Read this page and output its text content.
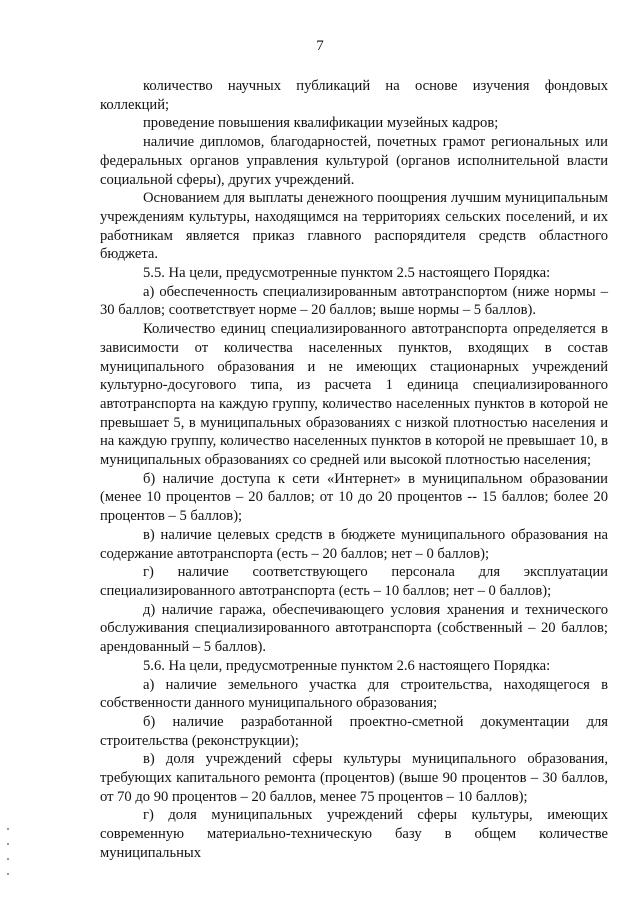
7

количество научных публикаций на основе изучения фондовых коллекций;

проведение повышения квалификации музейных кадров;

наличие дипломов, благодарностей, почетных грамот региональных или федеральных органов управления культурой (органов исполнительной власти социальной сферы), других учреждений.

Основанием для выплаты денежного поощрения лучшим муниципальным учреждениям культуры, находящимся на территориях сельских поселений, и их работникам является приказ главного распорядителя средств областного бюджета.

5.5. На цели, предусмотренные пунктом 2.5 настоящего Порядка:

а) обеспеченность специализированным автотранспортом (ниже нормы – 30 баллов; соответствует норме – 20 баллов; выше нормы – 5 баллов).

Количество единиц специализированного автотранспорта определяется в зависимости от количества населенных пунктов, входящих в состав муниципального образования и не имеющих стационарных учреждений культурно-досугового типа, из расчета 1 единица специализированного автотранспорта на каждую группу, количество населенных пунктов в которой не превышает 5, в муниципальных образованиях с низкой плотностью населения и на каждую группу, количество населенных пунктов в которой не превышает 10, в муниципальных образованиях со средней или высокой плотностью населения;

б) наличие доступа к сети «Интернет» в муниципальном образовании (менее 10 процентов – 20 баллов; от 10 до 20 процентов -- 15 баллов; более 20 процентов – 5 баллов);

в) наличие целевых средств в бюджете муниципального образования на содержание автотранспорта (есть – 20 баллов; нет – 0 баллов);

г) наличие соответствующего персонала для эксплуатации специализированного автотранспорта (есть – 10 баллов; нет – 0 баллов);

д) наличие гаража, обеспечивающего условия хранения и технического обслуживания специализированного автотранспорта (собственный – 20 баллов; арендованный – 5 баллов).

5.6. На цели, предусмотренные пунктом 2.6 настоящего Порядка:

а) наличие земельного участка для строительства, находящегося в собственности данного муниципального образования;

б) наличие разработанной проектно-сметной документации для строительства (реконструкции);

в) доля учреждений сферы культуры муниципального образования, требующих капитального ремонта (процентов) (выше 90 процентов – 30 баллов, от 70 до 90 процентов – 20 баллов, менее 75 процентов – 10 баллов);

г) доля муниципальных учреждений сферы культуры, имеющих современную материально-техническую базу в общем количестве муниципальных
